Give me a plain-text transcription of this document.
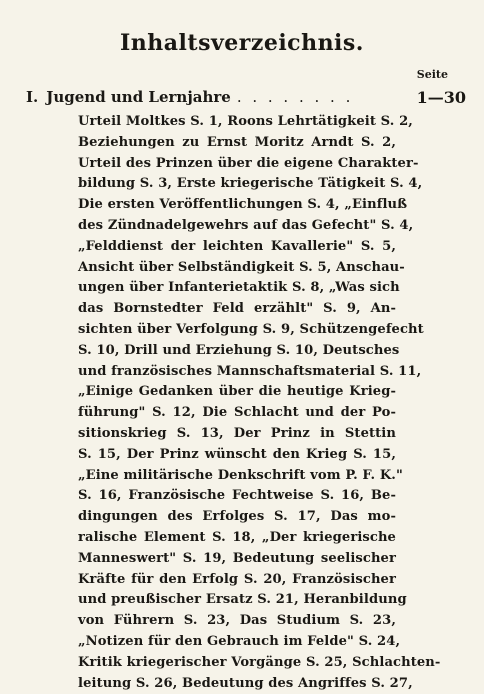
Inhaltsverzeichnis.
Seite
I. Jugend und Lernjahre . . . . . . . .	1—30
Urteil Moltkes S. 1, Roons Lehrtätigkeit S. 2,
Beziehungen zu Ernst Moritz Arndt S. 2,
Urteil des Prinzen über die eigene Charakter-
bildung S. 3, Erste kriegerische Tätigkeit S. 4,
Die ersten Veröffentlichungen S. 4, „Einfluß
des Zündnadelgewehrs auf das Gefecht" S. 4,
„Felddienst der leichten Kavallerie" S. 5,
Ansicht über Selbständigkeit S. 5, Anschau-
ungen über Infanterietaktik S. 8, „Was sich
das Bornstedter Feld erzählt" S. 9, An-
sichten über Verfolgung S. 9, Schützengefecht
S. 10, Drill und Erziehung S. 10, Deutsches
und französisches Mannschaftsmaterial S. 11,
„Einige Gedanken über die heutige Krieg-
führung" S. 12, Die Schlacht und der Po-
sitionskrieg S. 13, Der Prinz in Stettin
S. 15, Der Prinz wünscht den Krieg S. 15,
„Eine militärische Denkschrift vom P. F. K."
S. 16, Französische Fechtweise S. 16, Be-
dingungen des Erfolges S. 17, Das mo-
ralische Element S. 18, „Der kriegerische
Manneswert" S. 19, Bedeutung seelischer
Kräfte für den Erfolg S. 20, Französischer
und preußischer Ersatz S. 21, Heranbildung
von Führern S. 23, Das Studium S. 23,
„Notizen für den Gebrauch im Felde" S. 24,
Kritik kriegerischer Vorgänge S. 25, Schlachten-
leitung S. 26, Bedeutung des Angriffes S. 27,
